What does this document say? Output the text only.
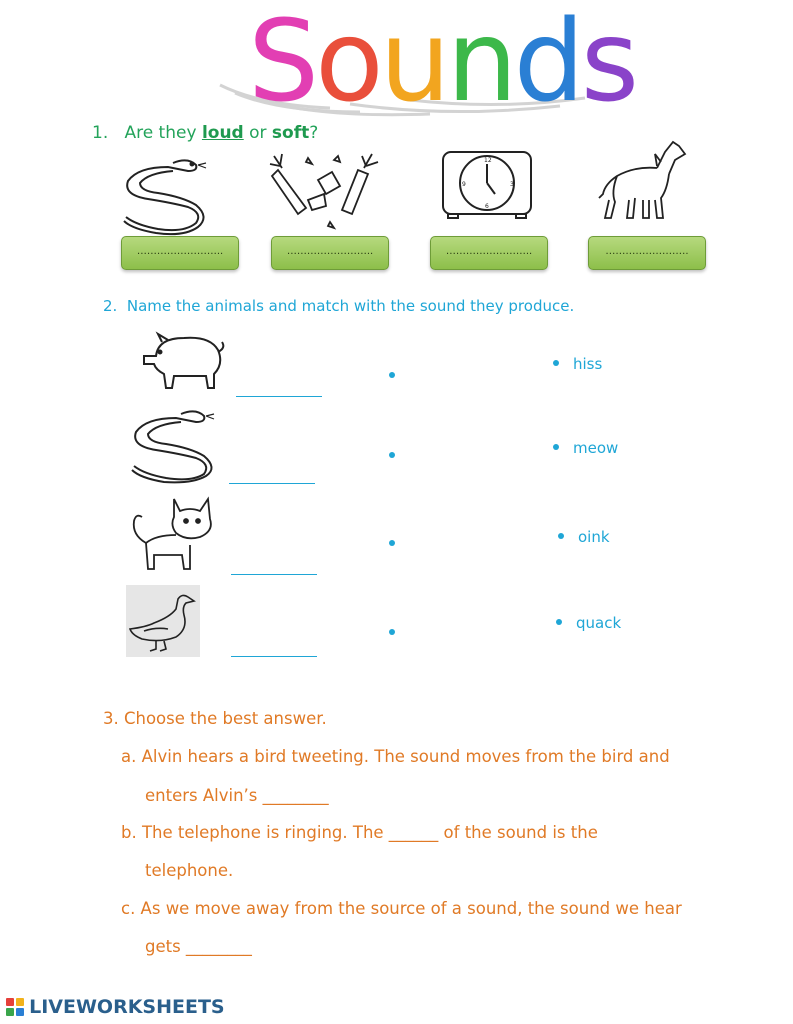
Sounds
1. Are they loud or soft?
12
3
6
9
……………………..	……………………..	……………………..	…………………….
2. Name the animals and match with the sound they produce.
hiss
meow
oink
quack
3. Choose the best answer.
a. Alvin hears a bird tweeting. The sound moves from the bird and
enters Alvin’s ________
b. The telephone is ringing. The ______ of the sound is the
telephone.
c. As we move away from the source of a sound, the sound we hear
gets ________
LIVEWORKSHEETS
